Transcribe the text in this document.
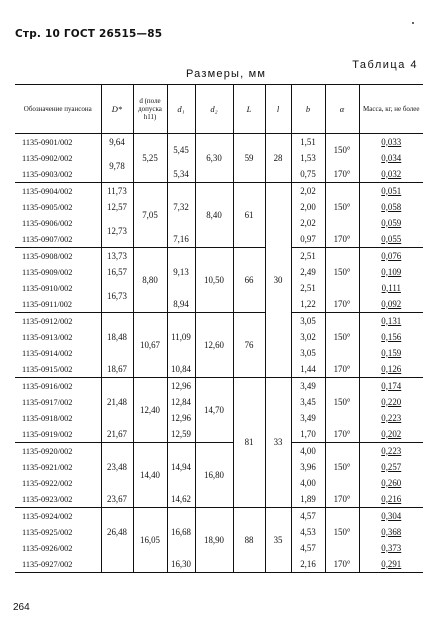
Стр. 10 ГОСТ 26515—85
Таблица 4
Размеры, мм
Обозначение пуансона	D*	d (поле допуска h11)	d₁	d₂	L	l	b	α	Масса, кг, не более
1135-0901/002	9,64	5,25	5,45	6,30	59	28	1,51	150°	0,033
1135-0902/002	9,78						1,53		0,034
1135-0903/002			5,34				0,75	170°	0,032
1135-0904/002	11,73	7,05	7,32	8,40	61	30	2,02	150°	0,051
1135-0905/002	12,57						2,00		0,058
1135-0906/002	12,73						2,02		0,059
1135-0907/002			7,16				0,97	170°	0,055
1135-0908/002	13,73	8,80	9,13	10,50	66		2,51	150°	0,076
1135-0909/002	16,57						2,49		0,109
1135-0910/002	16,73						2,51		0,111
1135-0911/002			8,94				1,22	170°	0,092
1135-0912/002	18,48	10,67	11,09	12,60	76		3,05	150°	0,131
1135-0913/002							3,02		0,156
1135-0914/002							3,05		0,159
1135-0915/002	18,67		10,84				1,44	170°	0,126
1135-0916/002	21,48	12,40	12,96	14,70	81	33	3,49	150°	0,174
1135-0917/002			12,84				3,45		0,220
1135-0918/002			12,96				3,49		0,223
1135-0919/002	21,67		12,59				1,70	170°	0,202
1135-0920/002		14,40	14,94	16,80			4,00	150°	0,223
1135-0921/002	23,48						3,96		0,257
1135-0922/002							4,00		0,260
1135-0923/002	23,67		14,62				1,89	170°	0,216
1135-0924/002		16,05	16,68	18,90	88	35	4,57	150°	0,304
1135-0925/002	26,48						4,53		0,368
1135-0926/002							4,57		0,373
1135-0927/002			16,30				2,16	170°	0,291
264
